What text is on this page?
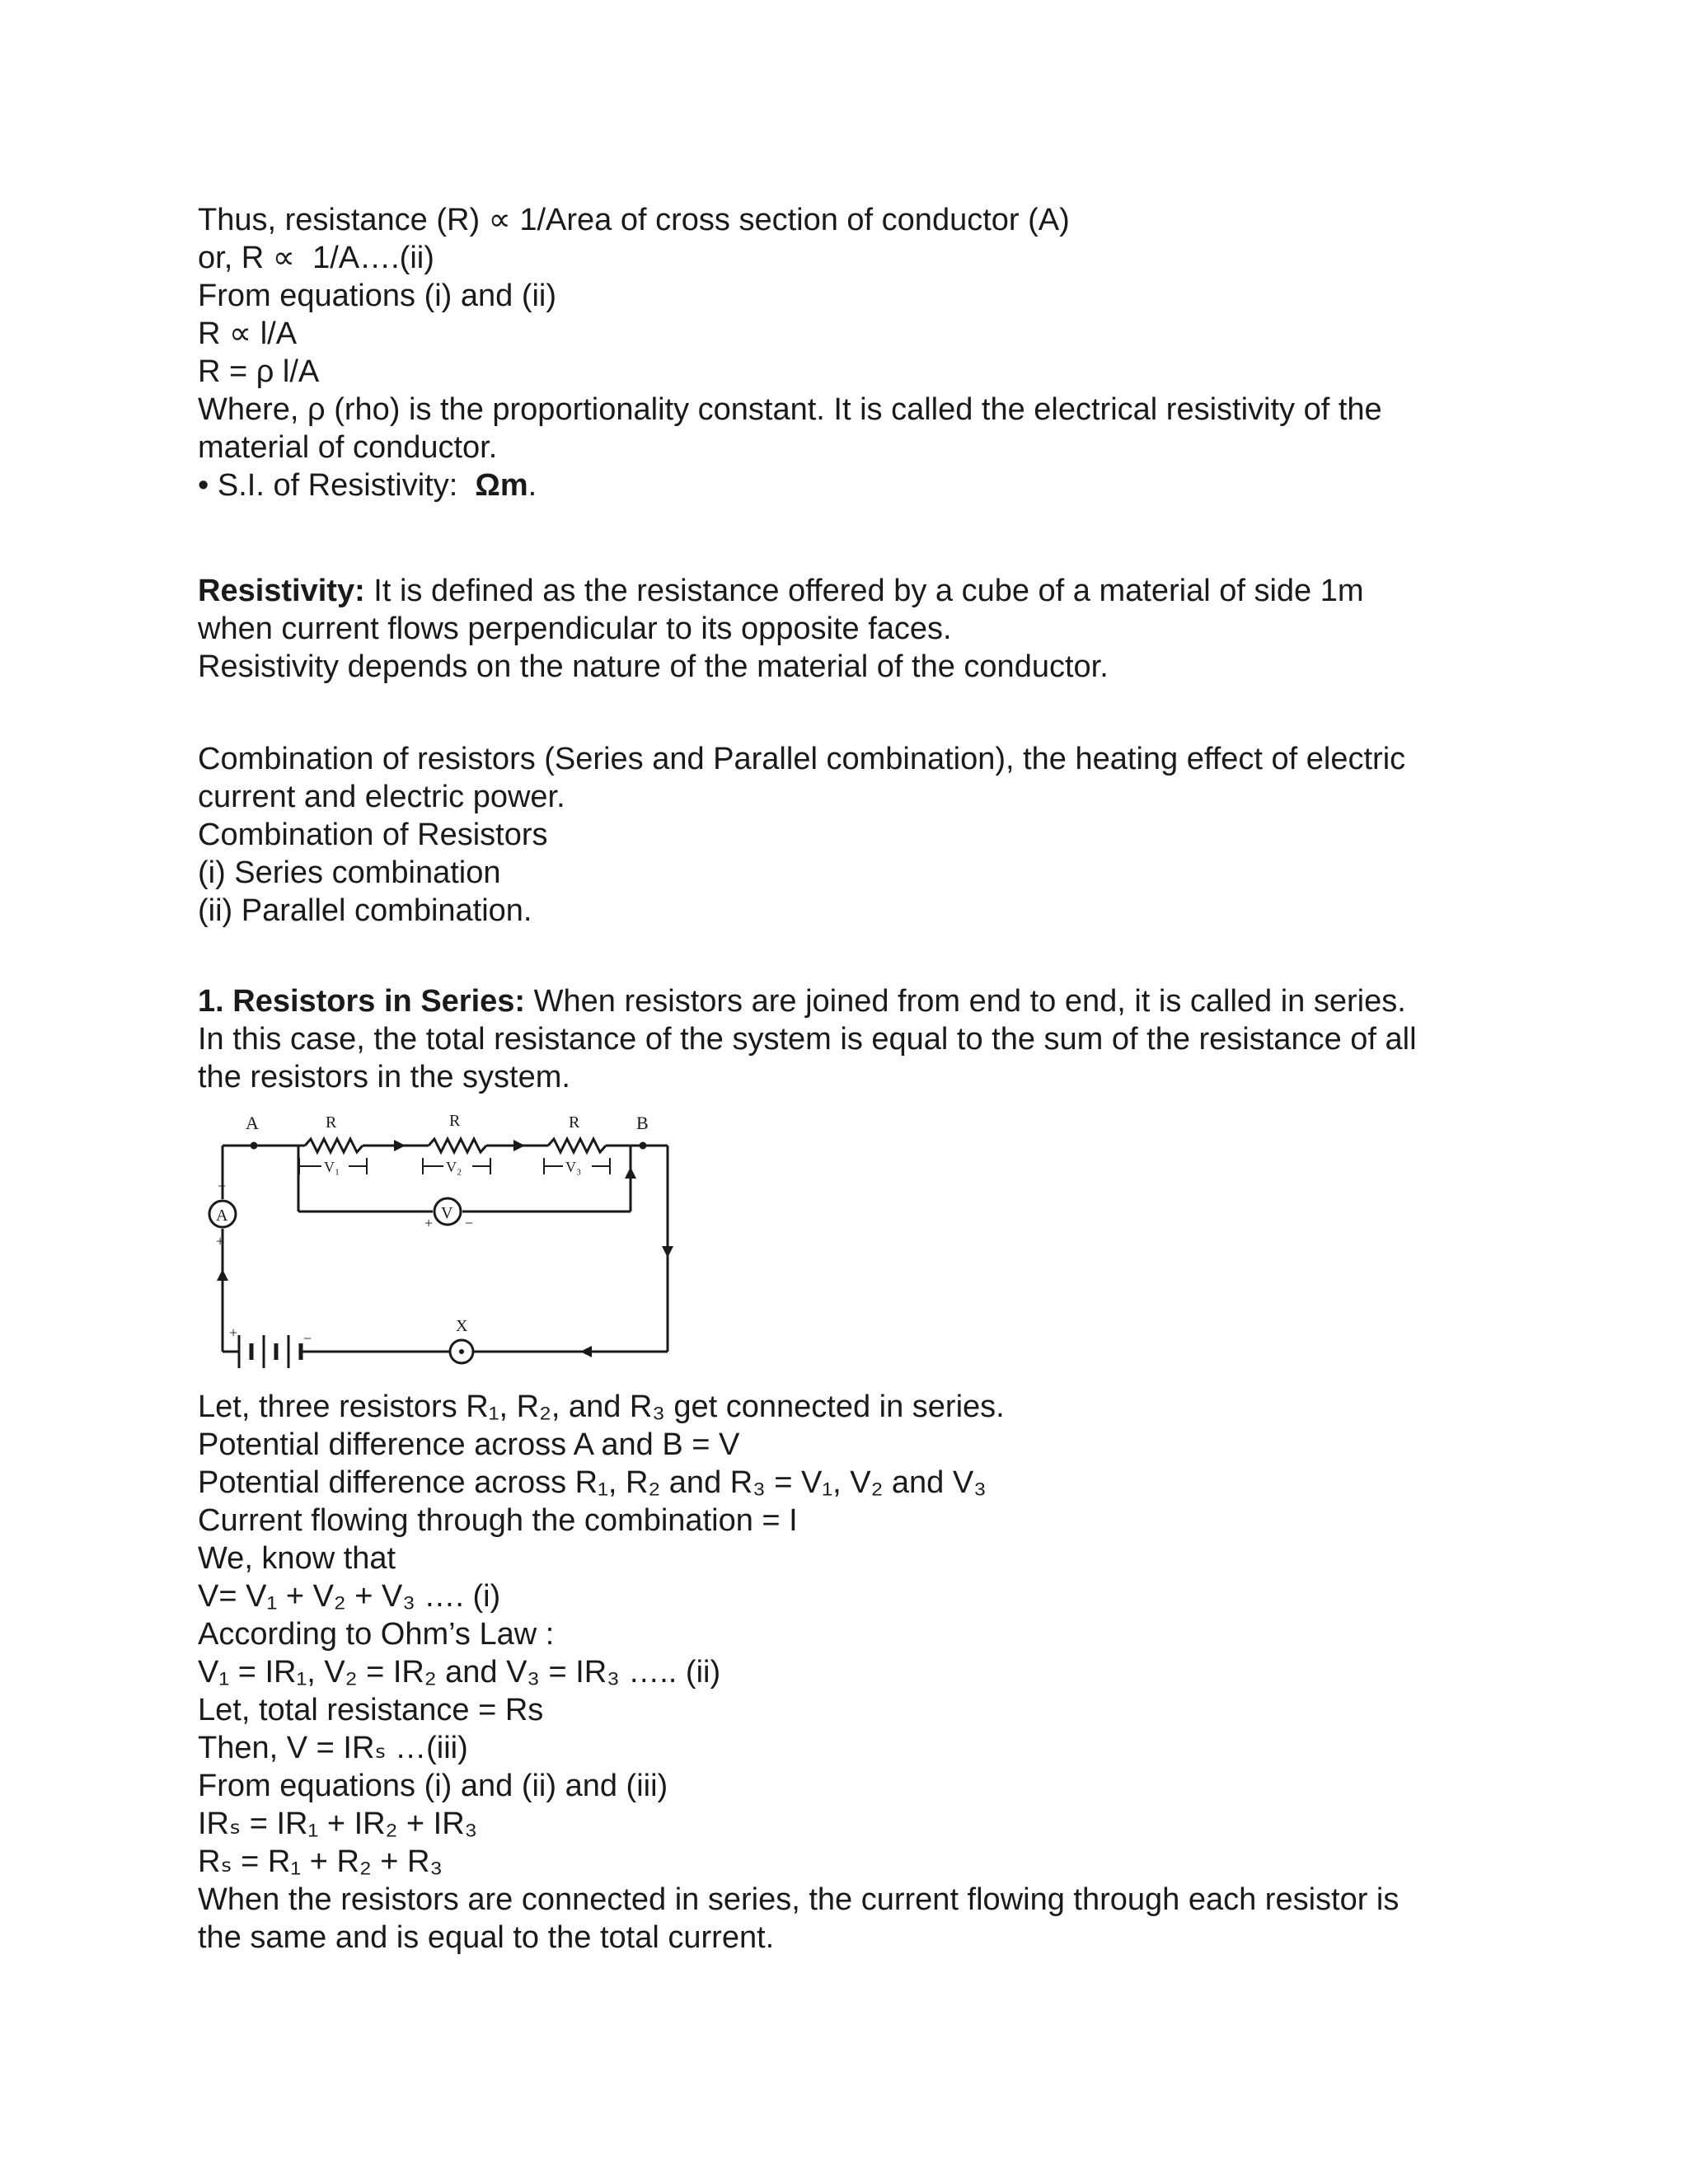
Thus, resistance (R) ∝ 1/Area of cross section of conductor (A)

or, R ∝  1/A….(ii)

From equations (i) and (ii)

R ∝ l/A

R = ρ l/A

Where, ρ (rho) is the proportionality constant. It is called the electrical resistivity of the

material of conductor.

• S.I. of Resistivity:  Ωm.

Resistivity: It is defined as the resistance offered by a cube of a material of side 1m

when current flows perpendicular to its opposite faces.

Resistivity depends on the nature of the material of the conductor.

Combination of resistors (Series and Parallel combination), the heating effect of electric

current and electric power.

Combination of Resistors

(i) Series combination

(ii) Parallel combination.

1. Resistors in Series: When resistors are joined from end to end, it is called in series.

In this case, the total resistance of the system is equal to the sum of the resistance of all

the resistors in the system.

A	B
R	R	R
V₁	V₂	V₃
V
+ −
A
−
+
+	−
X

Let, three resistors R₁, R₂, and R₃ get connected in series.

Potential difference across A and B = V

Potential difference across R₁, R₂ and R₃ = V₁, V₂ and V₃

Current flowing through the combination = I

We, know that

V= V₁ + V₂ + V₃ …. (i)

According to Ohm’s Law :

V₁ = IR₁, V₂ = IR₂ and V₃ = IR₃ ….. (ii)

Let, total resistance = Rs

Then, V = IRₛ …(iii)

From equations (i) and (ii) and (iii)

IRₛ = IR₁ + IR₂ + IR₃

Rₛ = R₁ + R₂ + R₃

When the resistors are connected in series, the current flowing through each resistor is

the same and is equal to the total current.
